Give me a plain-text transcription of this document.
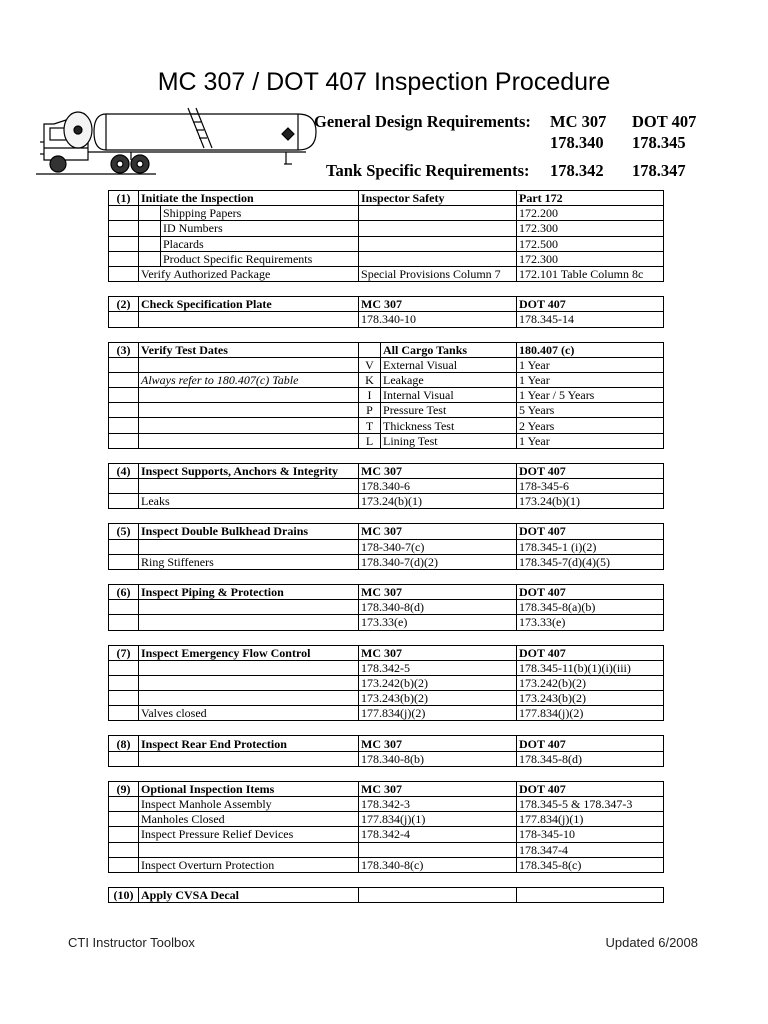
MC 307 / DOT 407 Inspection Procedure
General Design Requirements: MC 307 DOT 407
178.340 178.345
Tank Specific Requirements: 178.342 178.347
(1)	Initiate the Inspection		Inspector Safety		Part 172
		Shipping Papers			172.200
		ID Numbers			172.300
		Placards			172.500
		Product Specific Requirements			172.300
	Verify Authorized Package		Special Provisions Column 7		172.101 Table Column 8c

(2)	Check Specification Plate		MC 307		DOT 407
			178.340-10		178.345-14

(3)	Verify Test Dates			All Cargo Tanks	180.407 (c)
			V	External Visual	1 Year
	Always refer to 180.407(c) Table		K	Leakage	1 Year
			I	Internal Visual	1 Year / 5 Years
			P	Pressure Test	5 Years
			T	Thickness Test	2 Years
			L	Lining Test	1 Year

(4)	Inspect Supports, Anchors & Integrity		MC 307		DOT 407
			178.340-6		178-345-6
	Leaks		173.24(b)(1)		173.24(b)(1)

(5)	Inspect Double Bulkhead Drains		MC 307		DOT 407
			178-340-7(c)		178.345-1 (i)(2)
	Ring Stiffeners		178.340-7(d)(2)		178.345-7(d)(4)(5)

(6)	Inspect Piping & Protection		MC 307		DOT 407
			178.340-8(d)		178.345-8(a)(b)
			173.33(e)		173.33(e)

(7)	Inspect Emergency Flow Control		MC 307		DOT 407
			178.342-5		178.345-11(b)(1)(i)(iii)
			173.242(b)(2)		173.242(b)(2)
			173.243(b)(2)		173.243(b)(2)
	Valves closed		177.834(j)(2)		177.834(j)(2)

(8)	Inspect Rear End Protection		MC 307		DOT 407
			178.340-8(b)		178.345-8(d)

(9)	Optional Inspection Items		MC 307		DOT 407
	Inspect Manhole Assembly		178.342-3		178.345-5 & 178.347-3
	Manholes Closed		177.834(j)(1)		177.834(j)(1)
	Inspect Pressure Relief Devices		178.342-4		178-345-10
					178.347-4
	Inspect Overturn Protection		178.340-8(c)		178.345-8(c)

(10)	Apply CVSA Decal				
CTI Instructor Toolbox	Updated 6/2008
